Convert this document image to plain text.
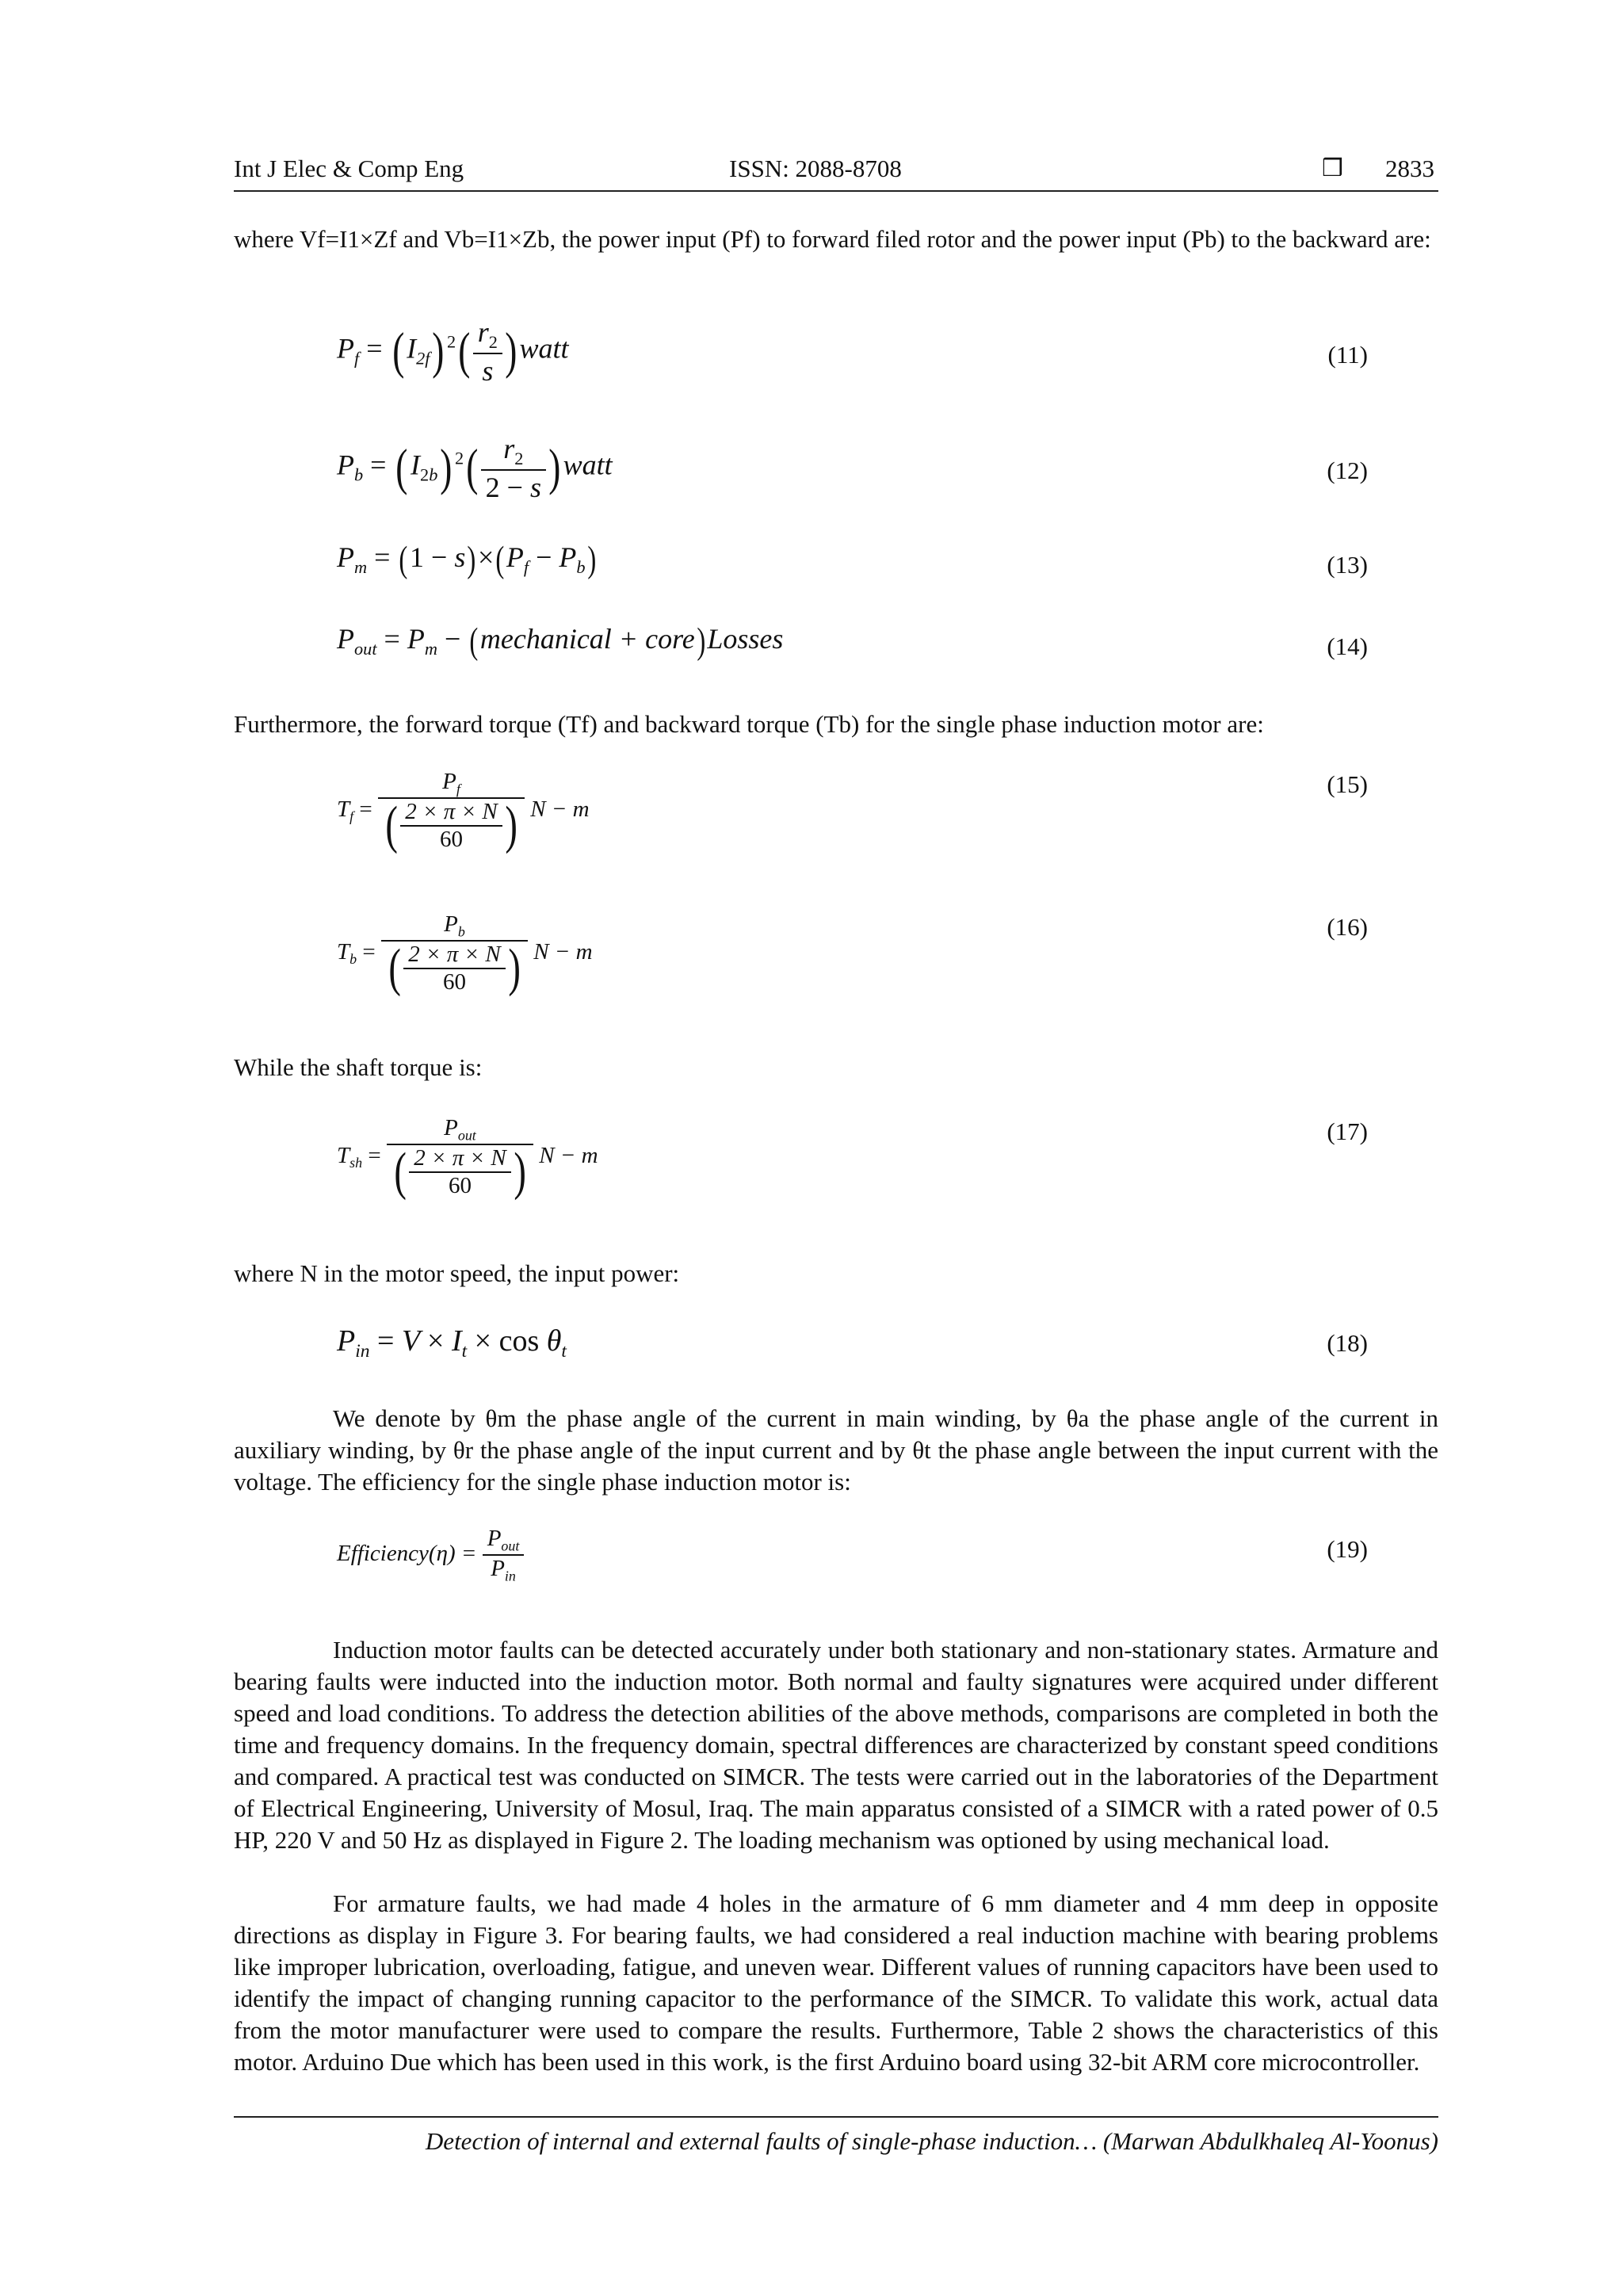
Int J Elec & Comp Eng	ISSN: 2088-8708	❒ 2833
where Vf=I1×Zf and Vb=I1×Zb, the power input (Pf) to forward filed rotor and the power input (Pb) to the backward are:
$P_f = (I_{2f})$ $^2( \frac{r_2}{s}$ )watt	(11)
$P_b = (I_{2b})$ $^2( \frac{r_2}{2 - s}$ )watt	(12)
$P_m = (1 - s)\times(P_f - P_b)$	(13)
$P_{out} = P_m$ − (mechanical + core)Losses	(14)
Furthermore, the forward torque (Tf) and backward torque (Tb) for the single phase induction motor are:
$T_f = \frac{P_f}{( \frac{2 \times \pi \times N}{60} )}$ N − m
(15)
$T_b = \frac{P_b}{( \frac{2 \times \pi \times N}{60} )}$ N − m
(16)
While the shaft torque is:
$T_{sh} = \frac{P_{out}}{( \frac{2 \times \pi \times N}{60} )}$ N − m
(17)
where N in the motor speed, the input power:
$P_{in} = V \times I_t \times \cos \theta_t$	(18)
We denote by θm the phase angle of the current in main winding, by θa the phase angle of the current in auxiliary winding, by θr the phase angle of the input current and by θt the phase angle between the input current with the voltage. The efficiency for the single phase induction motor is:
Efficiency(η) = $\frac{P_{out}}{P_{in}}$	(19)
Induction motor faults can be detected accurately under both stationary and non-stationary states. Armature and bearing faults were inducted into the induction motor. Both normal and faulty signatures were acquired under different speed and load conditions. To address the detection abilities of the above methods, comparisons are completed in both the time and frequency domains. In the frequency domain, spectral differences are characterized by constant speed conditions and compared. A practical test was conducted on SIMCR. The tests were carried out in the laboratories of the Department of Electrical Engineering, University of Mosul, Iraq. The main apparatus consisted of a SIMCR with a rated power of 0.5 HP, 220 V and 50 Hz as displayed in Figure 2. The loading mechanism was optioned by using mechanical load.
For armature faults, we had made 4 holes in the armature of 6 mm diameter and 4 mm deep in opposite directions as display in Figure 3. For bearing faults, we had considered a real induction machine with bearing problems like improper lubrication, overloading, fatigue, and uneven wear. Different values of running capacitors have been used to identify the impact of changing running capacitor to the performance of the SIMCR. To validate this work, actual data from the motor manufacturer were used to compare the results. Furthermore, Table 2 shows the characteristics of this motor. Arduino Due which has been used in this work, is the first Arduino board using 32-bit ARM core microcontroller.
Detection of internal and external faults of single-phase induction… (Marwan Abdulkhaleq Al-Yoonus)
